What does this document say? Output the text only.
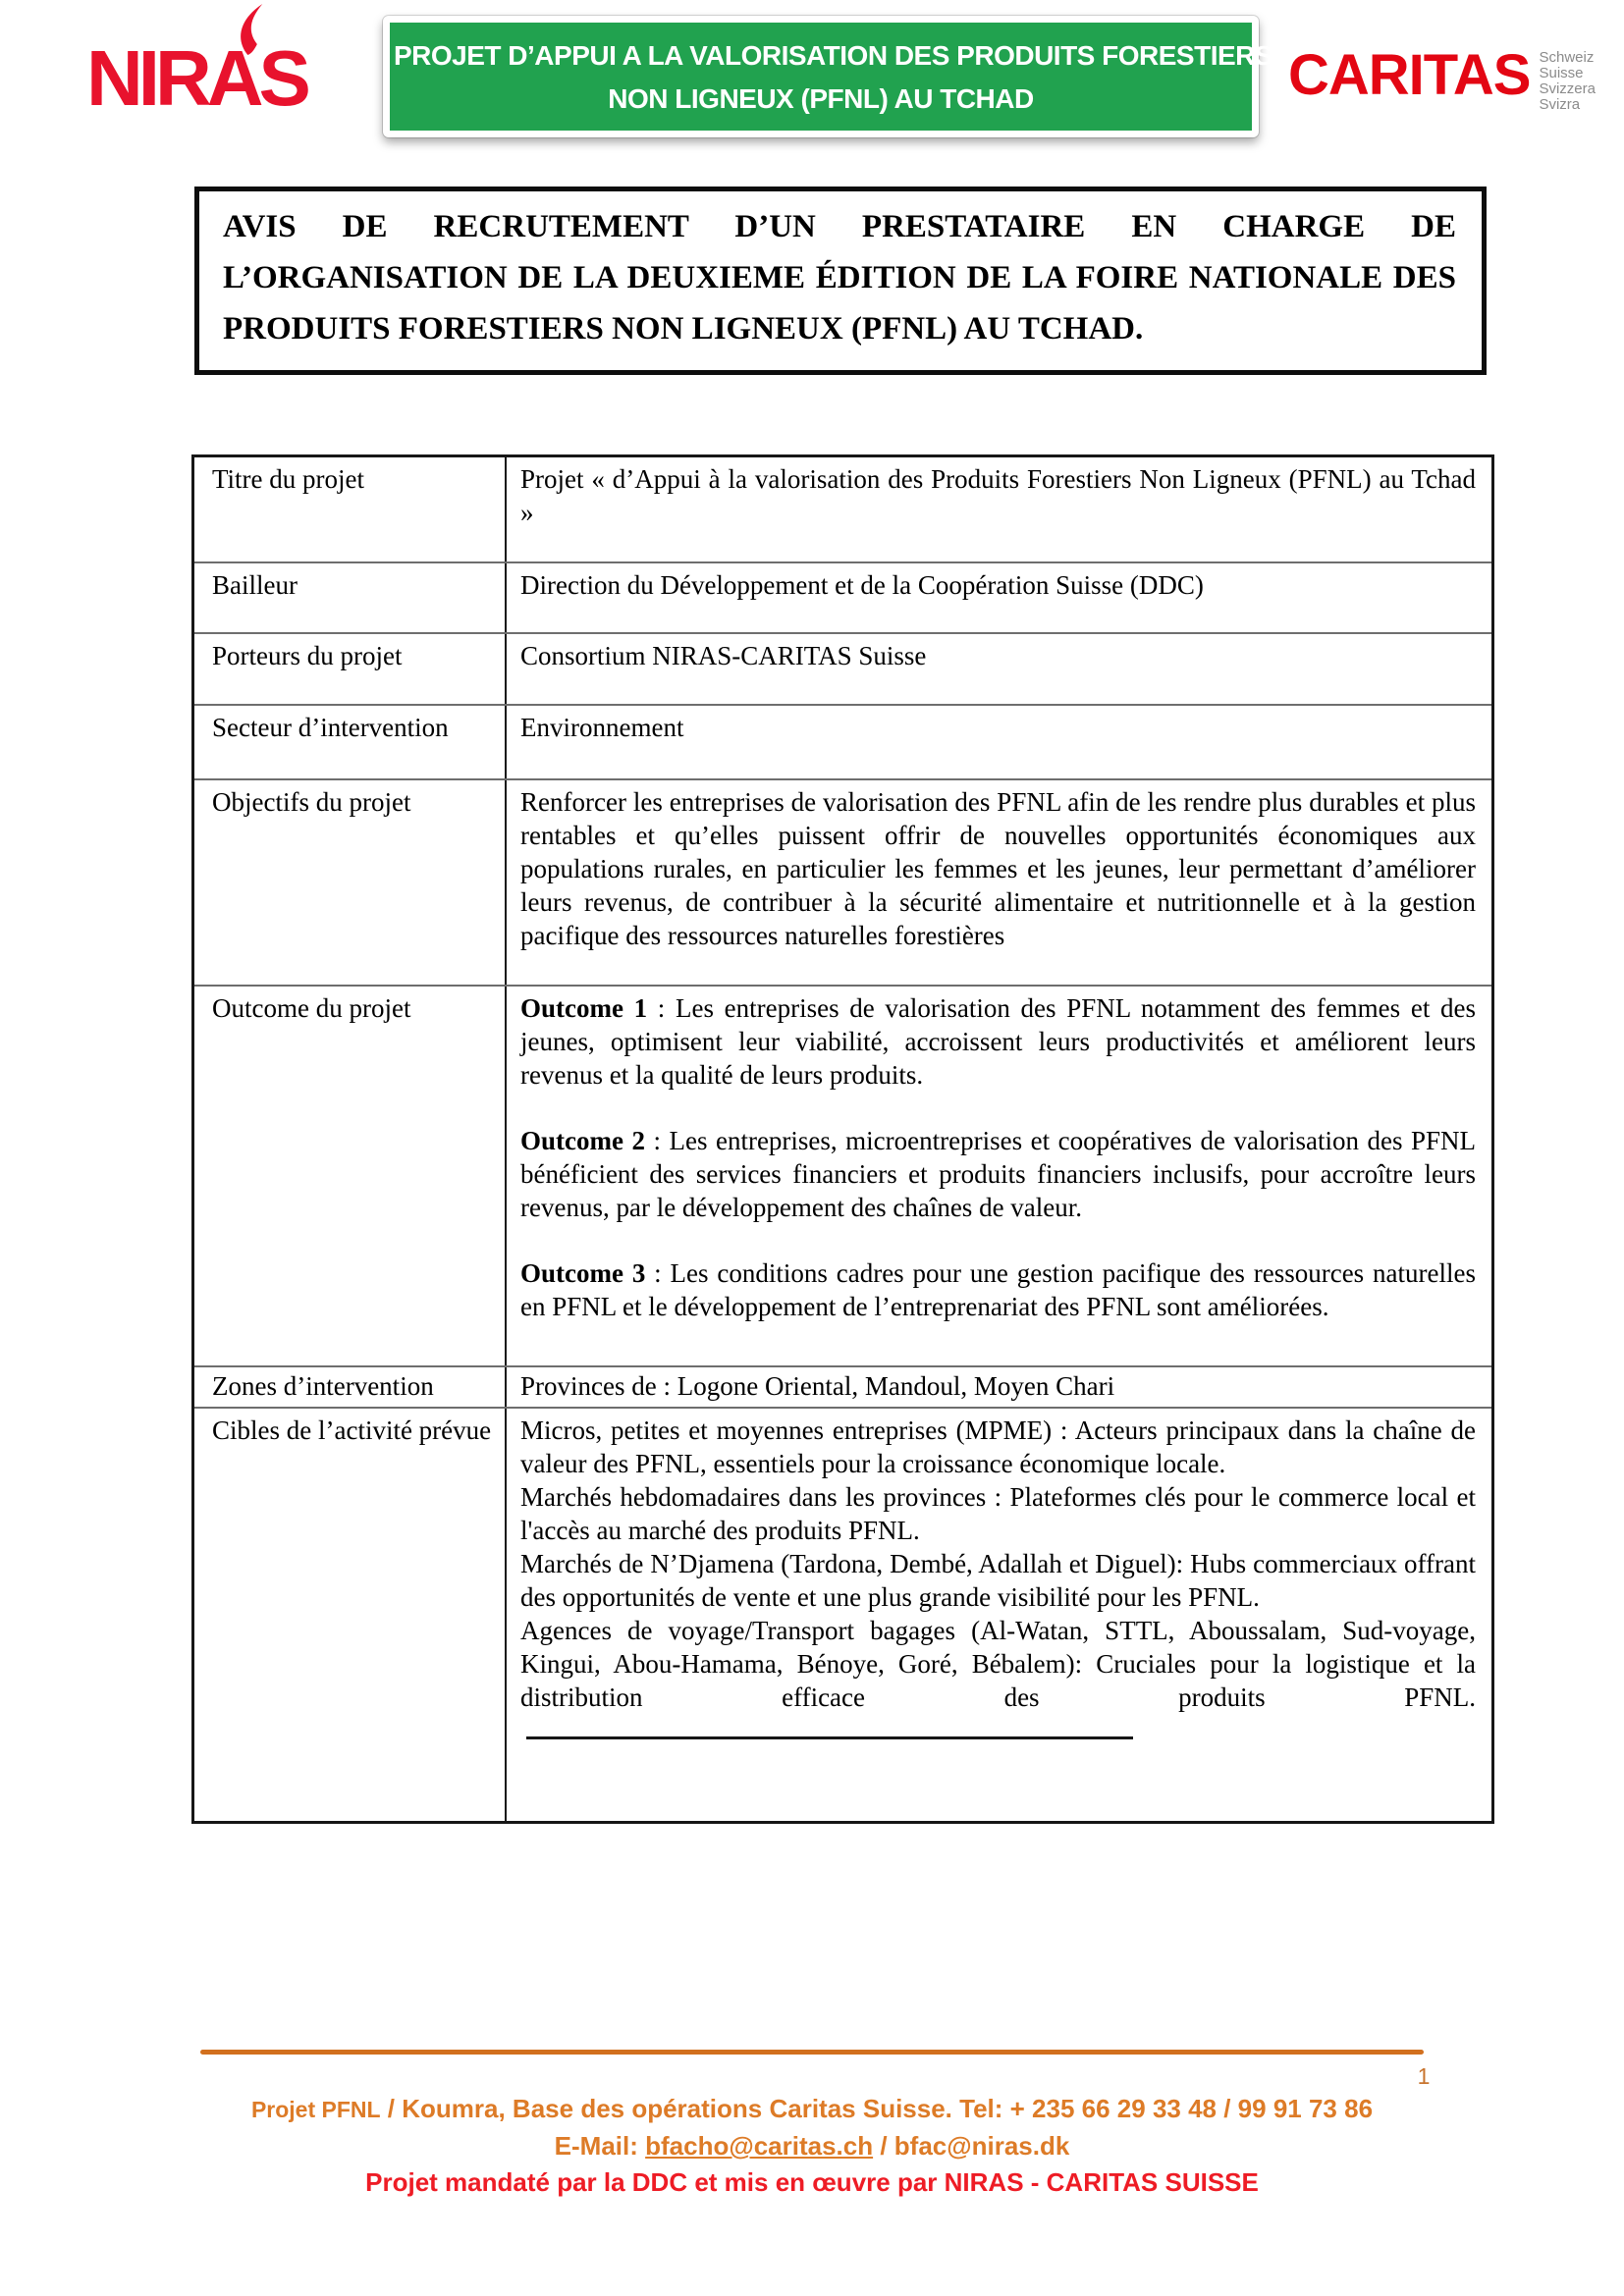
NIRAS	PROJET D’APPUI A LA VALORISATION DES PRODUITS FORESTIERS
NON LIGNEUX (PFNL) AU TCHAD	CARITAS Schweiz
Suisse
Svizzera
Svizra
AVIS DE RECRUTEMENT D’UN PRESTATAIRE EN CHARGE DE
L’ORGANISATION DE LA DEUXIEME ÉDITION DE LA FOIRE NATIONALE DES
PRODUITS FORESTIERS NON LIGNEUX (PFNL) AU TCHAD.
Titre du projet	Projet « d’Appui à la valorisation des Produits Forestiers Non Ligneux (PFNL) au Tchad »
Bailleur	Direction du Développement et de la Coopération Suisse (DDC)
Porteurs du projet	Consortium NIRAS-CARITAS Suisse
Secteur d’intervention	Environnement
Objectifs du projet	Renforcer les entreprises de valorisation des PFNL afin de les rendre plus durables et plus rentables et qu’elles puissent offrir de nouvelles opportunités économiques aux populations rurales, en particulier les femmes et les jeunes, leur permettant d’améliorer leurs revenus, de contribuer à la sécurité alimentaire et nutritionnelle et à la gestion pacifique des ressources naturelles forestières
Outcome du projet	Outcome 1 : Les entreprises de valorisation des PFNL notamment des femmes et des jeunes, optimisent leur viabilité, accroissent leurs productivités et améliorent leurs revenus et la qualité de leurs produits.

Outcome 2 : Les entreprises, microentreprises et coopératives de valorisation des PFNL bénéficient des services financiers et produits financiers inclusifs, pour accroître leurs revenus, par le développement des chaînes de valeur.

Outcome 3 : Les conditions cadres pour une gestion pacifique des ressources naturelles en PFNL et le développement de l’entreprenariat des PFNL sont améliorées.

Zones d’intervention	Provinces de : Logone Oriental, Mandoul, Moyen Chari
Cibles de l’activité prévue	Micros, petites et moyennes entreprises (MPME) : Acteurs principaux dans la chaîne de valeur des PFNL, essentiels pour la croissance économique locale.

Marchés hebdomadaires dans les provinces : Plateformes clés pour le commerce local et l'accès au marché des produits PFNL.

Marchés de N’Djamena (Tardona, Dembé, Adallah et Diguel): Hubs commerciaux offrant des opportunités de vente et une plus grande visibilité pour les PFNL.

Agences de voyage/Transport bagages (Al-Watan, STTL, Aboussalam, Sud-voyage, Kingui, Abou-Hamama, Bénoye, Goré, Bébalem): Cruciales pour la logistique et la distribution efficace des produits PFNL.

1
Projet PFNL / Koumra, Base des opérations Caritas Suisse. Tel: + 235 66 29 33 48 / 99 91 73 86
E-Mail: bfacho@caritas.ch / bfac@niras.dk
Projet mandaté par la DDC et mis en œuvre par NIRAS - CARITAS SUISSE
